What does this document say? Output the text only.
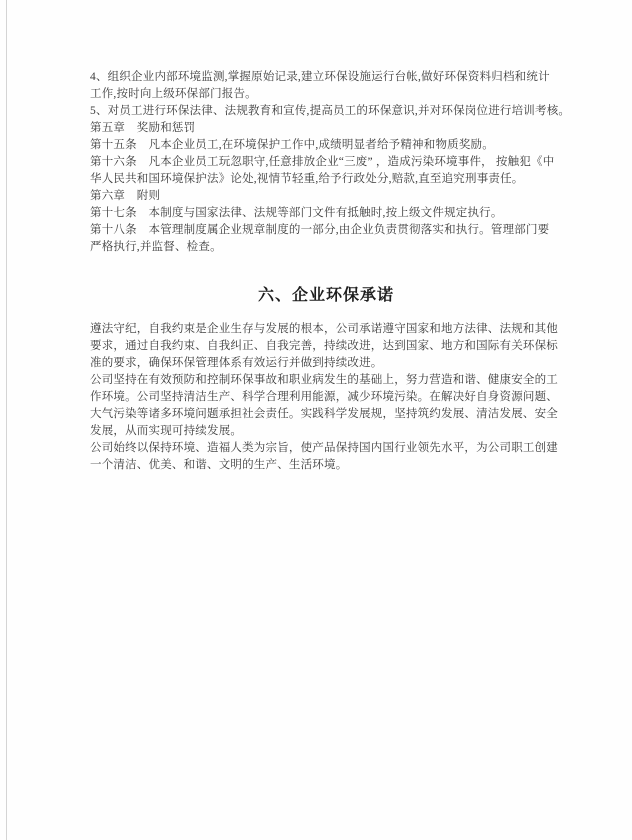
4、组织企业内部环境监测,掌握原始记录,建立环保设施运行台帐,做好环保资料归档和统计
工作,按时向上级环保部门报告。
5、对员工进行环保法律、法规教育和宣传,提高员工的环保意识,并对环保岗位进行培训考核。
第五章　奖励和惩罚
第十五条　凡本企业员工,在环境保护工作中,成绩明显者给予精神和物质奖励。
第十六条　凡本企业员工玩忽职守,任意排放企业“三废” ，造成污染环境事件， 按触犯《中
华人民共和国环境保护法》论处,视情节轻重,给予行政处分,赔款,直至追究刑事责任。
第六章　附则
第十七条　本制度与国家法律、法规等部门文件有抵触时,按上级文件规定执行。
第十八条　本管理制度属企业规章制度的一部分,由企业负责贯彻落实和执行。管理部门要
严格执行,并监督、检查。
六、企业环保承诺
遵法守纪，自我约束是企业生存与发展的根本，公司承诺遵守国家和地方法律、法规和其他
要求，通过自我约束、自我纠正、自我完善，持续改进，达到国家、地方和国际有关环保标
准的要求，确保环保管理体系有效运行并做到持续改进。
公司坚持在有效预防和控制环保事故和职业病发生的基础上，努力营造和谐、健康安全的工
作环境。公司坚持清洁生产、科学合理利用能源，减少环境污染。在解决好自身资源问题、
大气污染等诸多环境问题承担社会责任。实践科学发展规，坚持筑约发展、清洁发展、安全
发展，从而实现可持续发展。
公司始终以保持环境、造福人类为宗旨，使产品保持国内国行业领先水平，为公司职工创建
一个清洁、优美、和谐、文明的生产、生活环境。
